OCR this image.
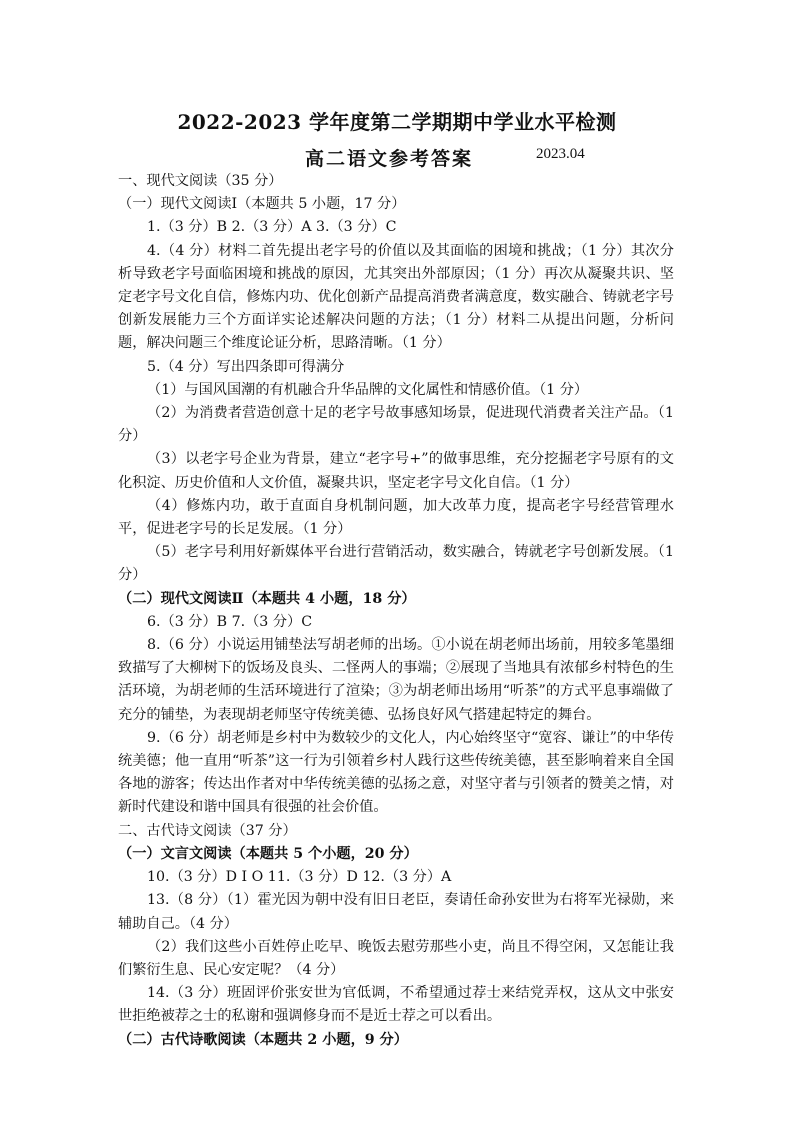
2022-2023 学年度第二学期期中学业水平检测
高二语文参考答案	2023.04

一、现代文阅读（35 分）

（一）现代文阅读Ⅰ（本题共 5 小题，17 分）

1.（3 分）B 2.（3 分）A 3.（3 分）C

4.（4 分）材料二首先提出老字号的价值以及其面临的困境和挑战；（1 分）其次分析导致老字号面临困境和挑战的原因，尤其突出外部原因；（1 分）再次从凝聚共识、坚定老字号文化自信，修炼内功、优化创新产品提高消费者满意度，数实融合、铸就老字号创新发展能力三个方面详实论述解决问题的方法；（1 分）材料二从提出问题，分析问题，解决问题三个维度论证分析，思路清晰。（1 分）

5.（4 分）写出四条即可得满分

（1）与国风国潮的有机融合升华品牌的文化属性和情感价值。（1 分）

（2）为消费者营造创意十足的老字号故事感知场景，促进现代消费者关注产品。（1 分）

（3）以老字号企业为背景，建立“老字号+”的做事思维，充分挖掘老字号原有的文化积淀、历史价值和人文价值，凝聚共识，坚定老字号文化自信。（1 分）

（4）修炼内功，敢于直面自身机制问题，加大改革力度，提高老字号经营管理水平，促进老字号的长足发展。（1 分）

（5）老字号利用好新媒体平台进行营销活动，数实融合，铸就老字号创新发展。（1 分）

（二）现代文阅读Ⅱ（本题共 4 小题，18 分）

6.（3 分）B 7.（3 分）C

8.（6 分）小说运用铺垫法写胡老师的出场。①小说在胡老师出场前，用较多笔墨细致描写了大柳树下的饭场及良头、二怪两人的事端；②展现了当地具有浓郁乡村特色的生活环境，为胡老师的生活环境进行了渲染；③为胡老师出场用“听茶”的方式平息事端做了充分的铺垫，为表现胡老师坚守传统美德、弘扬良好风气搭建起特定的舞台。

9.（6 分）胡老师是乡村中为数较少的文化人，内心始终坚守“宽容、谦让”的中华传统美德；他一直用“听茶”这一行为引领着乡村人践行这些传统美德，甚至影响着来自全国各地的游客；传达出作者对中华传统美德的弘扬之意，对坚守者与引领者的赞美之情，对新时代建设和谐中国具有很强的社会价值。

二、古代诗文阅读（37 分）

（一）文言文阅读（本题共 5 个小题，20 分）

10.（3 分）D I O 11.（3 分）D 12.（3 分）A

13.（8 分）（1）霍光因为朝中没有旧日老臣，奏请任命孙安世为右将军光禄勋，来辅助自己。（4 分）

（2）我们这些小百姓停止吃早、晚饭去慰劳那些小吏，尚且不得空闲，又怎能让我们繁衍生息、民心安定呢？（4 分）

14.（3 分）班固评价张安世为官低调，不希望通过荐士来结党弄权，这从文中张安世拒绝被荐之士的私谢和强调修身而不是近士荐之可以看出。

（二）古代诗歌阅读（本题共 2 小题，9 分）
